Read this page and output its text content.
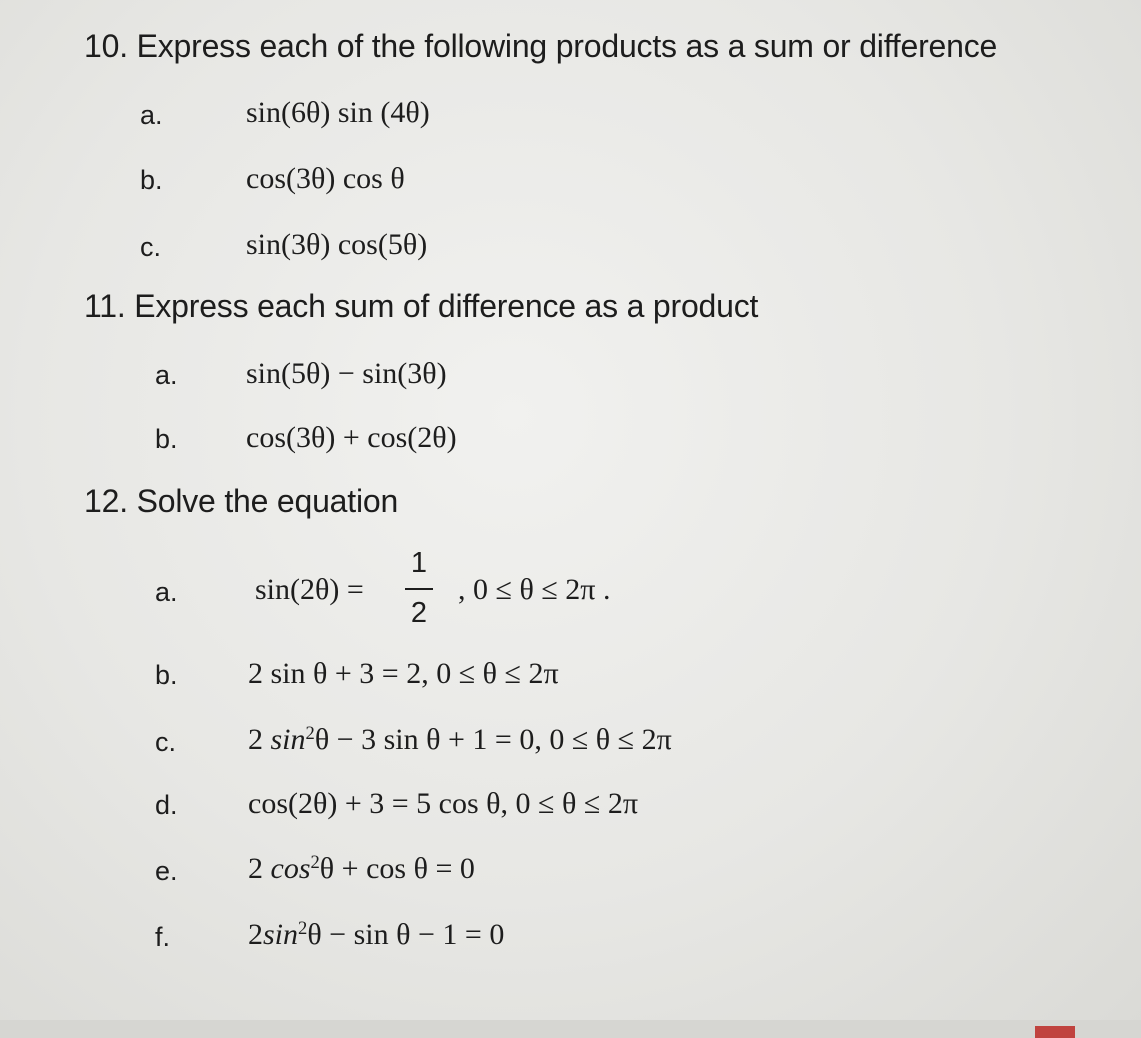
10. Express each of the following products as a sum or difference
a.	sin(6θ) sin (4θ)
b.	cos(3θ) cos θ
c.	sin(3θ) cos(5θ)
11. Express each sum of difference as a product
a. sin(5θ) − sin(3θ)
b. cos(3θ) + cos(2θ)
12. Solve the equation
a.	sin(2θ) =
1
2
, 0 ≤ θ ≤ 2π .
b. 2 sin θ + 3 = 2, 0 ≤ θ ≤ 2π
c. 2 $\sin^2\theta - 3$ sin θ + 1 = 0, 0 ≤ θ ≤ 2π
d. cos(2θ) + 3 = 5 cos θ, 0 ≤ θ ≤ 2π
e. 2 $\cos^2\theta + \cos \theta = 0$
f.	$2\sin^2\theta - \sin \theta - 1 = 0$
